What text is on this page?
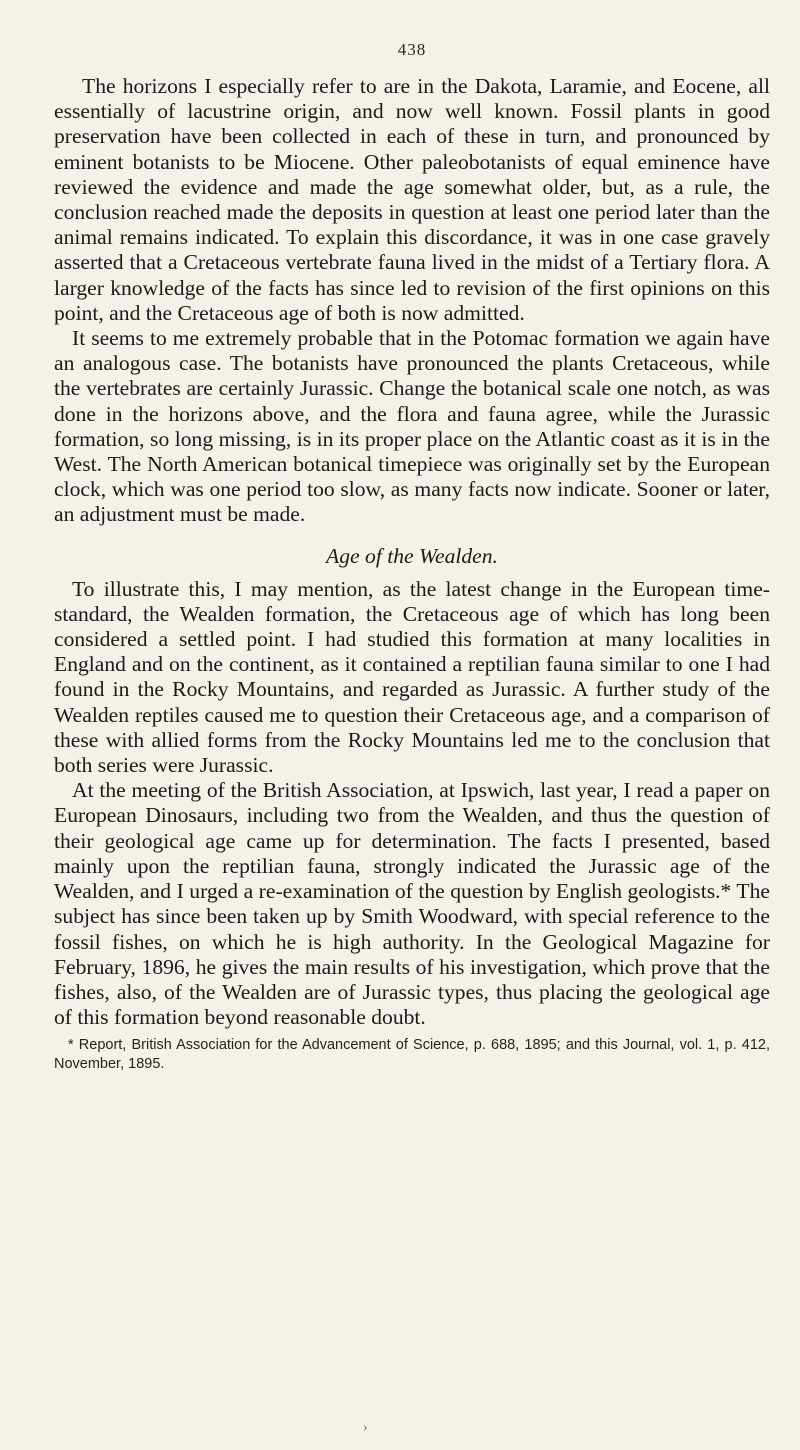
438

The horizons I especially refer to are in the Dakota, Laramie, and Eocene, all essentially of lacustrine origin, and now well known. Fossil plants in good preservation have been collected in each of these in turn, and pronounced by eminent botanists to be Miocene. Other paleobotanists of equal eminence have reviewed the evidence and made the age somewhat older, but, as a rule, the conclusion reached made the deposits in question at least one period later than the animal remains indicated. To explain this discordance, it was in one case gravely asserted that a Cretaceous vertebrate fauna lived in the midst of a Tertiary flora. A larger knowledge of the facts has since led to revision of the first opinions on this point, and the Cretaceous age of both is now admitted.

It seems to me extremely probable that in the Potomac formation we again have an analogous case. The botanists have pronounced the plants Cretaceous, while the vertebrates are certainly Jurassic. Change the botanical scale one notch, as was done in the horizons above, and the flora and fauna agree, while the Jurassic formation, so long missing, is in its proper place on the Atlantic coast as it is in the West. The North American botanical timepiece was originally set by the European clock, which was one period too slow, as many facts now indicate. Sooner or later, an adjustment must be made.

Age of the Wealden.

To illustrate this, I may mention, as the latest change in the European time-standard, the Wealden formation, the Cretaceous age of which has long been considered a settled point. I had studied this formation at many localities in England and on the continent, as it contained a reptilian fauna similar to one I had found in the Rocky Mountains, and regarded as Jurassic. A further study of the Wealden reptiles caused me to question their Cretaceous age, and a comparison of these with allied forms from the Rocky Mountains led me to the conclusion that both series were Jurassic.

At the meeting of the British Association, at Ipswich, last year, I read a paper on European Dinosaurs, including two from the Wealden, and thus the question of their geological age came up for determination. The facts I presented, based mainly upon the reptilian fauna, strongly indicated the Jurassic age of the Wealden, and I urged a re-examination of the question by English geologists.* The subject has since been taken up by Smith Woodward, with special reference to the fossil fishes, on which he is high authority. In the Geological Magazine for February, 1896, he gives the main results of his investigation, which prove that the fishes, also, of the Wealden are of Jurassic types, thus placing the geological age of this formation beyond reasonable doubt.

* Report, British Association for the Advancement of Science, p. 688, 1895; and this Journal, vol. 1, p. 412, November, 1895.
›
